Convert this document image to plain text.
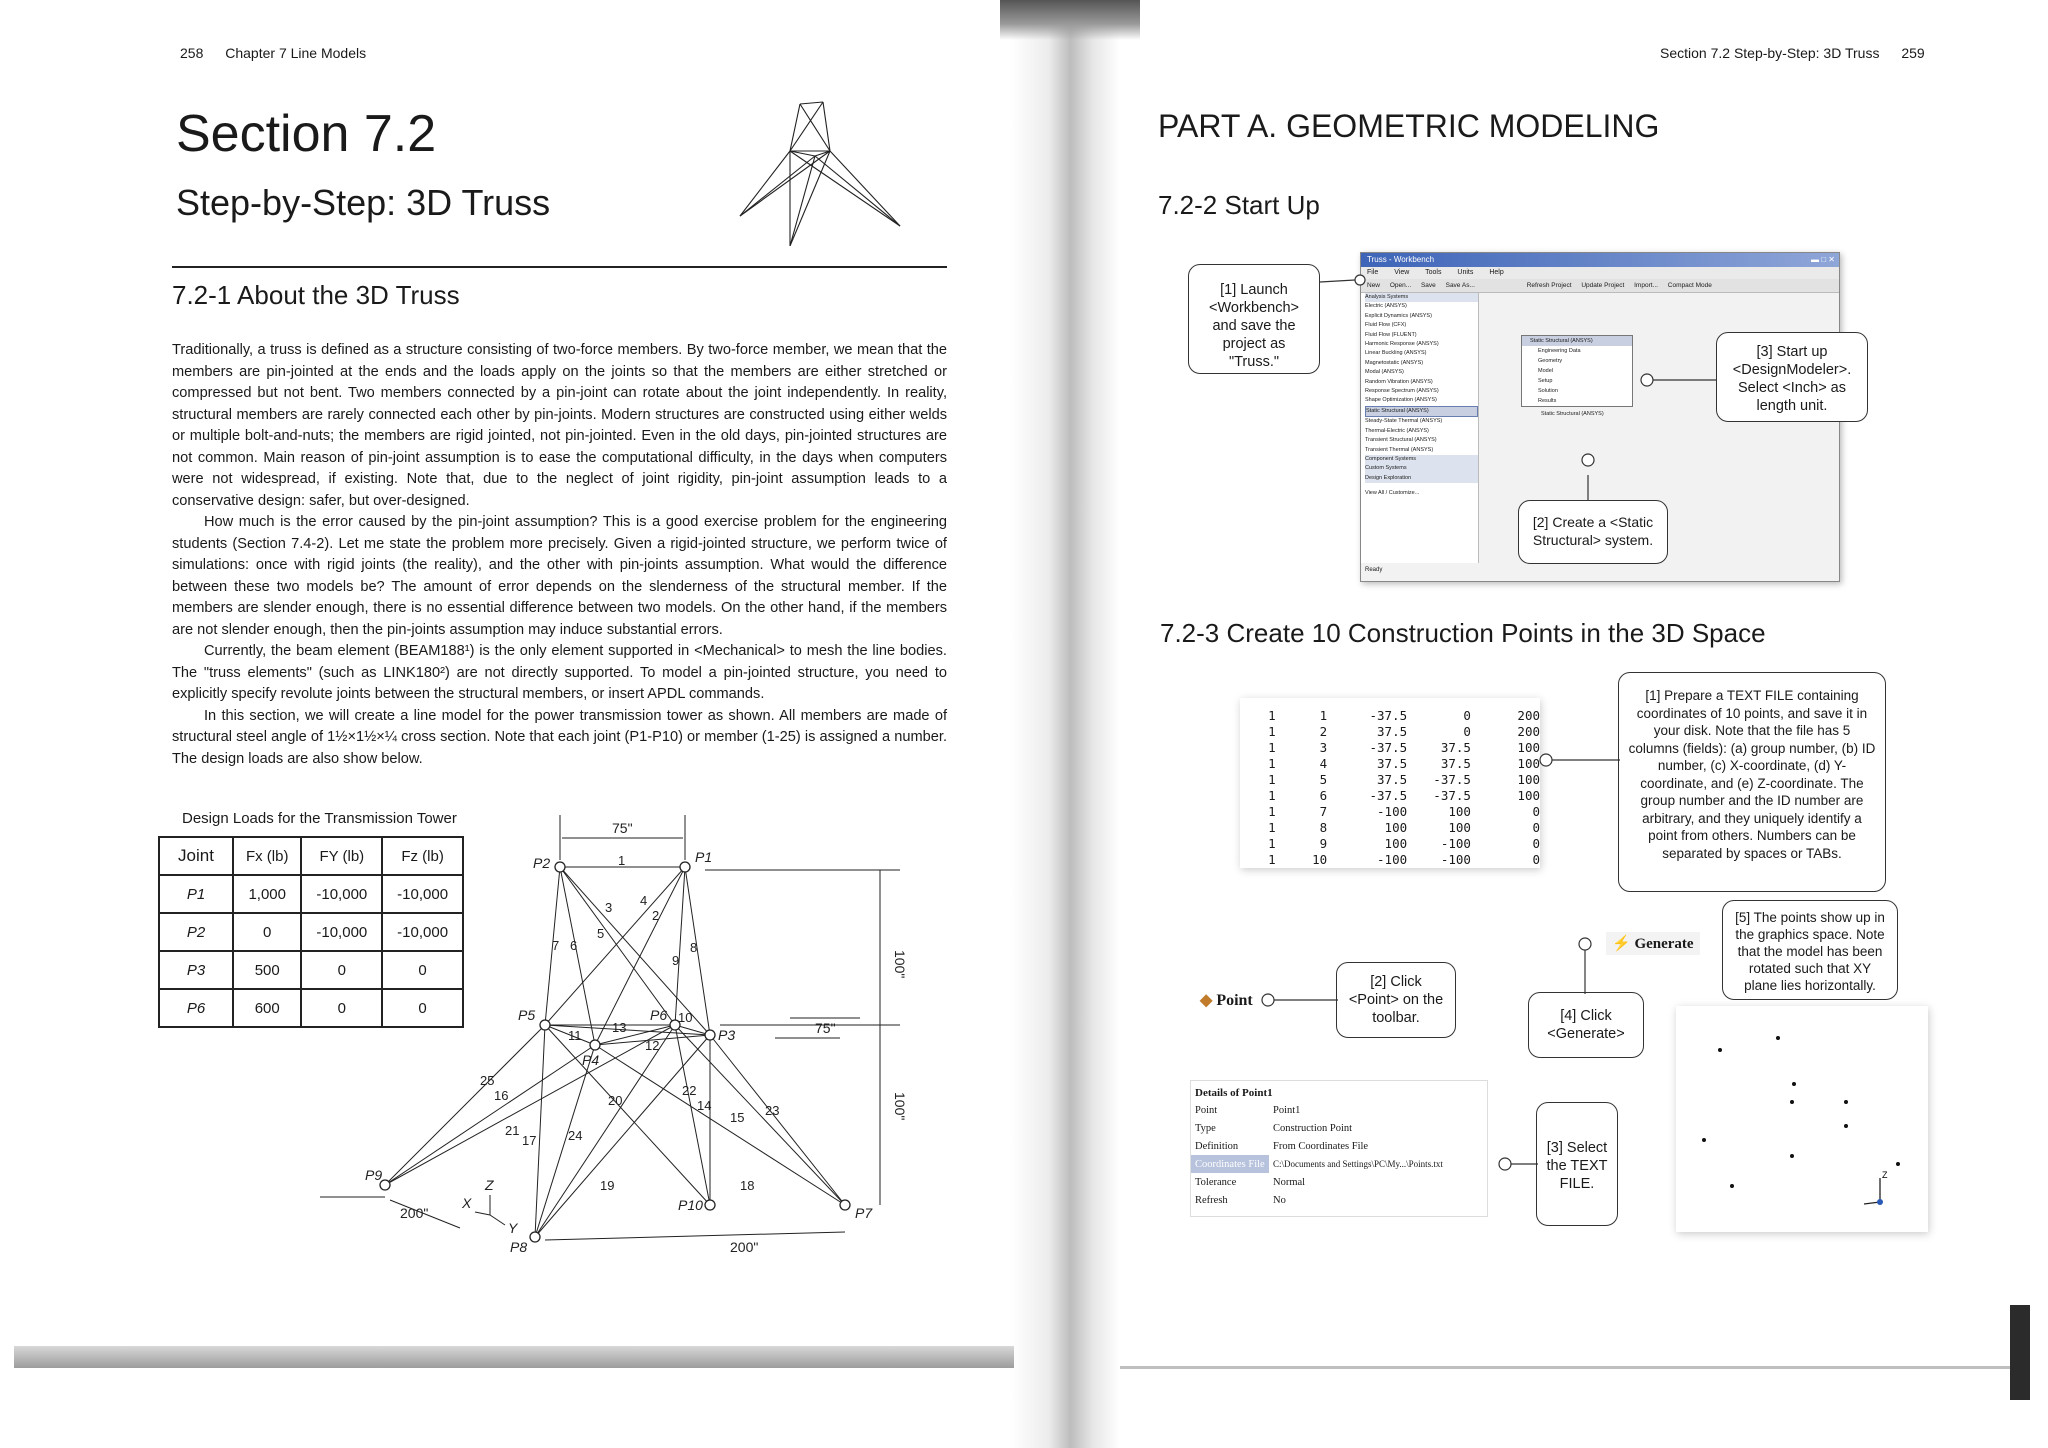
258 Chapter 7 Line Models
Section 7.2
Step-by-Step: 3D Truss
7.2-1 About the 3D Truss

Traditionally, a truss is defined as a structure consisting of two-force members. By two-force member, we mean that the members are pin-jointed at the ends and the loads apply on the joints so that the members are either stretched or compressed but not bent. Two members connected by a pin-joint can rotate about the joint independently. In reality, structural members are rarely connected each other by pin-joints. Modern structures are constructed using either welds or multiple bolt-and-nuts; the members are rigid jointed, not pin-jointed. Even in the old days, pin-jointed structures are not common. Main reason of pin-joint assumption is to ease the computational difficulty, in the days when computers were not widespread, if existing. Note that, due to the neglect of joint rigidity, pin-joint assumption leads to a conservative design: safer, but over-designed.

How much is the error caused by the pin-joint assumption? This is a good exercise problem for the engineering students (Section 7.4-2). Let me state the problem more precisely. Given a rigid-jointed structure, we perform twice of simulations: once with rigid joints (the reality), and the other with pin-joints assumption. What would the difference between these two models be? The amount of error depends on the slenderness of the structural member. If the members are slender enough, there is no essential difference between two models. On the other hand, if the members are not slender enough, then the pin-joints assumption may induce substantial errors.

Currently, the beam element (BEAM188¹) is the only element supported in <Mechanical> to mesh the line bodies. The "truss elements" (such as LINK180²) are not directly supported. To model a pin-jointed structure, you need to explicitly specify revolute joints between the structural members, or insert APDL commands.

In this section, we will create a line model for the power transmission tower as shown. All members are made of structural steel angle of 1½×1½×¼ cross section. Note that each joint (P1-P10) or member (1-25) is assigned a number. The design loads are also show below.

Design Loads for the Transmission Tower
Joint	Fx (lb)	FY (lb)	Fz (lb)
P1	1,000	-10,000	-10,000
P2	0	-10,000	-10,000
P3	500	0	0
P6	600	0	0
P2	P1
P3
P4
P5	P6
P7
P8
P9
P10
75"
100"
75"
100"
200"
200"
Z
X
Y
1
2
3 4
5
6
7	8
9
10
11
12
13
14
15
16
17
18
19
20
21
22
23
24
25
Section 7.2 Step-by-Step: 3D Truss 259
PART A. GEOMETRIC MODELING
7.2-2 Start Up
Truss - Workbench	▬ □ ✕
File View Tools Units Help
New Open... Save Save As...	Refresh Project Update Project Import... Compact Mode
Analysis Systems
Electric (ANSYS)
Explicit Dynamics (ANSYS)
Fluid Flow (CFX)
Fluid Flow (FLUENT)
Harmonic Response (ANSYS)
Linear Buckling (ANSYS)
Magnetostatic (ANSYS)
Modal (ANSYS)
Random Vibration (ANSYS)
Response Spectrum (ANSYS)
Shape Optimization (ANSYS)
Static Structural (ANSYS)
Steady-State Thermal (ANSYS)
Thermal-Electric (ANSYS)
Transient Structural (ANSYS)
Transient Thermal (ANSYS)
Component Systems
Custom Systems
Design Exploration
View All / Customize...
Static Structural (ANSYS)
Engineering Data
Geometry
Model
Setup
Solution
Results
Static Structural (ANSYS)
Ready
[1] Launch <Workbench> and save the project as "Truss."
[2] Create a <Static Structural> system.
[3] Start up <DesignModeler>. Select <Inch> as length unit.
7.2-3 Create 10 Construction Points in the 3D Space
1	1	-37.5	0	200
1	2	37.5	0	200
1	3	-37.5	37.5	100
1	4	37.5	37.5	100
1	5	37.5	-37.5	100
1	6	-37.5	-37.5	100
1	7	-100	100	0
1	8	100	100	0
1	9	100	-100	0
1	10	-100	-100	0
[1] Prepare a TEXT FILE containing coordinates of 10 points, and save it in your disk. Note that the file has 5 columns (fields): (a) group number, (b) ID number, (c) X-coordinate, (d) Y-coordinate, and (e) Z-coordinate. The group number and the ID number are arbitrary, and they uniquely identify a point from others. Numbers can be separated by spaces or TABs.
◆ Point
[2] Click <Point> on the toolbar.
⚡ Generate
[4] Click <Generate>
Details of Point1
Point	Point1
Type	Construction Point
Definition	From Coordinates File
Coordinates File	C:\Documents and Settings\PC\My...\Points.txt
Tolerance	Normal
Refresh	No
[3] Select the TEXT FILE.
Z
[5] The points show up in the graphics space. Note that the model has been rotated such that XY plane lies horizontally.
